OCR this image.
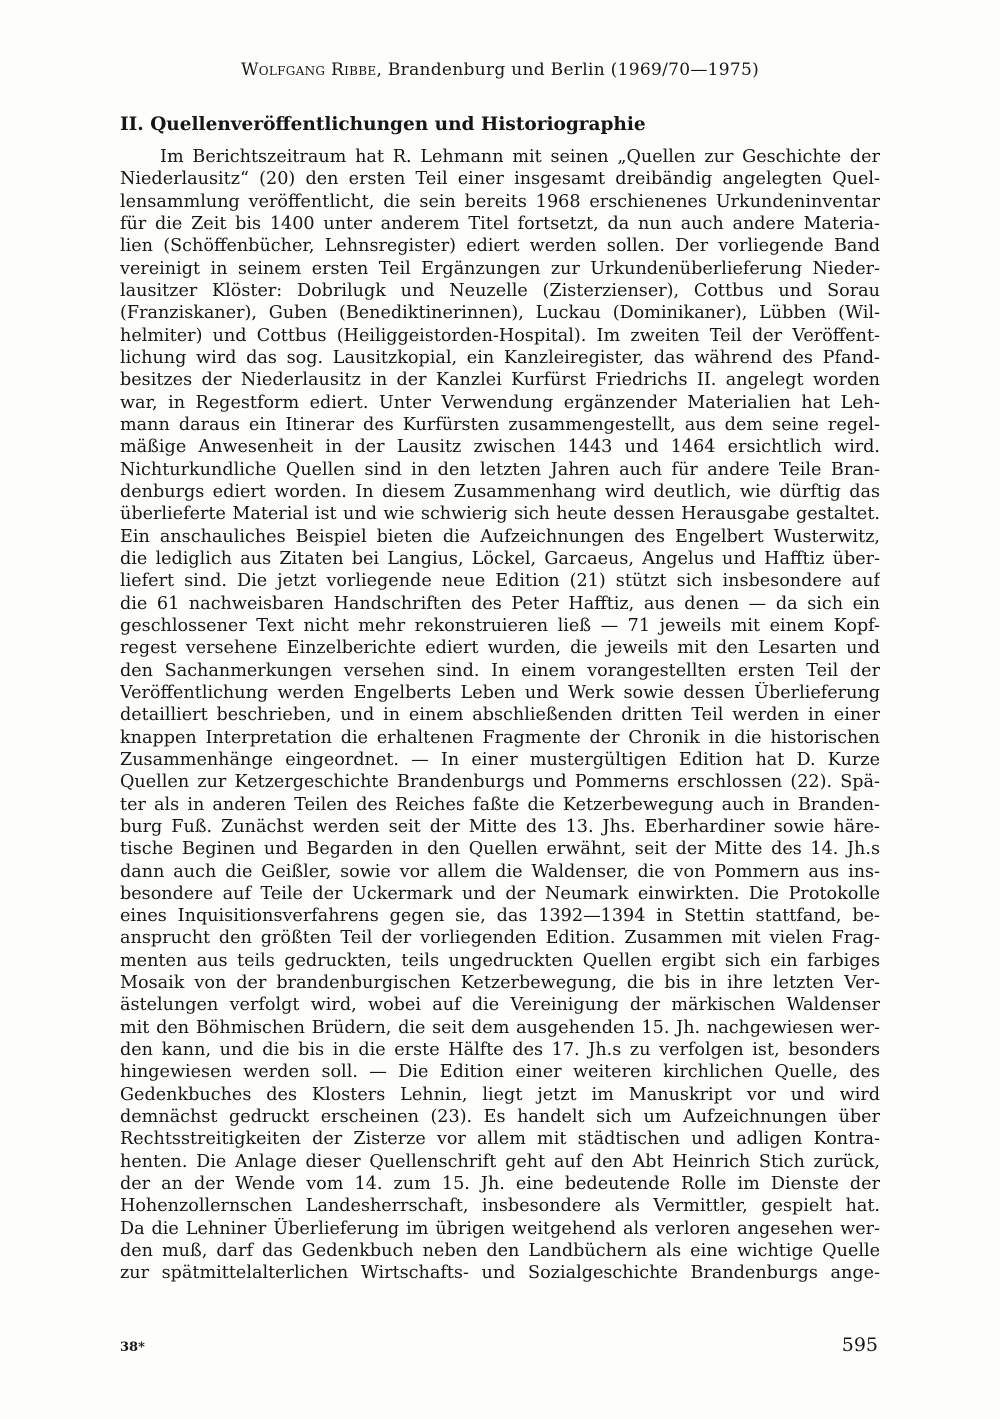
Wolfgang Ribbe, Brandenburg und Berlin (1969/70—1975)
II. Quellenveröffentlichungen und Historiographie
Im Berichtszeitraum hat R. Lehmann mit seinen „Quellen zur Geschichte der
Niederlausitz“ (20) den ersten Teil einer insgesamt dreibändig angelegten Quel-
lensammlung veröffentlicht, die sein bereits 1968 erschienenes Urkundeninventar
für die Zeit bis 1400 unter anderem Titel fortsetzt, da nun auch andere Materia-
lien (Schöffenbücher, Lehnsregister) ediert werden sollen. Der vorliegende Band
vereinigt in seinem ersten Teil Ergänzungen zur Urkundenüberlieferung Nieder-
lausitzer Klöster: Dobrilugk und Neuzelle (Zisterzienser), Cottbus und Sorau
(Franziskaner), Guben (Benediktinerinnen), Luckau (Dominikaner), Lübben (Wil-
helmiter) und Cottbus (Heiliggeistorden-Hospital). Im zweiten Teil der Veröffent-
lichung wird das sog. Lausitzkopial, ein Kanzleiregister, das während des Pfand-
besitzes der Niederlausitz in der Kanzlei Kurfürst Friedrichs II. angelegt worden
war, in Regestform ediert. Unter Verwendung ergänzender Materialien hat Leh-
mann daraus ein Itinerar des Kurfürsten zusammengestellt, aus dem seine regel-
mäßige Anwesenheit in der Lausitz zwischen 1443 und 1464 ersichtlich wird.
Nichturkundliche Quellen sind in den letzten Jahren auch für andere Teile Bran-
denburgs ediert worden. In diesem Zusammenhang wird deutlich, wie dürftig das
überlieferte Material ist und wie schwierig sich heute dessen Herausgabe gestaltet.
Ein anschauliches Beispiel bieten die Aufzeichnungen des Engelbert Wusterwitz,
die lediglich aus Zitaten bei Langius, Löckel, Garcaeus, Angelus und Hafftiz über-
liefert sind. Die jetzt vorliegende neue Edition (21) stützt sich insbesondere auf
die 61 nachweisbaren Handschriften des Peter Hafftiz, aus denen — da sich ein
geschlossener Text nicht mehr rekonstruieren ließ — 71 jeweils mit einem Kopf-
regest versehene Einzelberichte ediert wurden, die jeweils mit den Lesarten und
den Sachanmerkungen versehen sind. In einem vorangestellten ersten Teil der
Veröffentlichung werden Engelberts Leben und Werk sowie dessen Überlieferung
detailliert beschrieben, und in einem abschließenden dritten Teil werden in einer
knappen Interpretation die erhaltenen Fragmente der Chronik in die historischen
Zusammenhänge eingeordnet. — In einer mustergültigen Edition hat D. Kurze
Quellen zur Ketzergeschichte Brandenburgs und Pommerns erschlossen (22). Spä-
ter als in anderen Teilen des Reiches faßte die Ketzerbewegung auch in Branden-
burg Fuß. Zunächst werden seit der Mitte des 13. Jhs. Eberhardiner sowie häre-
tische Beginen und Begarden in den Quellen erwähnt, seit der Mitte des 14. Jh.s
dann auch die Geißler, sowie vor allem die Waldenser, die von Pommern aus ins-
besondere auf Teile der Uckermark und der Neumark einwirkten. Die Protokolle
eines Inquisitionsverfahrens gegen sie, das 1392—1394 in Stettin stattfand, be-
ansprucht den größten Teil der vorliegenden Edition. Zusammen mit vielen Frag-
menten aus teils gedruckten, teils ungedruckten Quellen ergibt sich ein farbiges
Mosaik von der brandenburgischen Ketzerbewegung, die bis in ihre letzten Ver-
ästelungen verfolgt wird, wobei auf die Vereinigung der märkischen Waldenser
mit den Böhmischen Brüdern, die seit dem ausgehenden 15. Jh. nachgewiesen wer-
den kann, und die bis in die erste Hälfte des 17. Jh.s zu verfolgen ist, besonders
hingewiesen werden soll. — Die Edition einer weiteren kirchlichen Quelle, des
Gedenkbuches des Klosters Lehnin, liegt jetzt im Manuskript vor und wird
demnächst gedruckt erscheinen (23). Es handelt sich um Aufzeichnungen über
Rechtsstreitigkeiten der Zisterze vor allem mit städtischen und adligen Kontra-
henten. Die Anlage dieser Quellenschrift geht auf den Abt Heinrich Stich zurück,
der an der Wende vom 14. zum 15. Jh. eine bedeutende Rolle im Dienste der
Hohenzollernschen Landesherrschaft, insbesondere als Vermittler, gespielt hat.
Da die Lehniner Überlieferung im übrigen weitgehend als verloren angesehen wer-
den muß, darf das Gedenkbuch neben den Landbüchern als eine wichtige Quelle
zur spätmittelalterlichen Wirtschafts- und Sozialgeschichte Brandenburgs ange-
38*	595
